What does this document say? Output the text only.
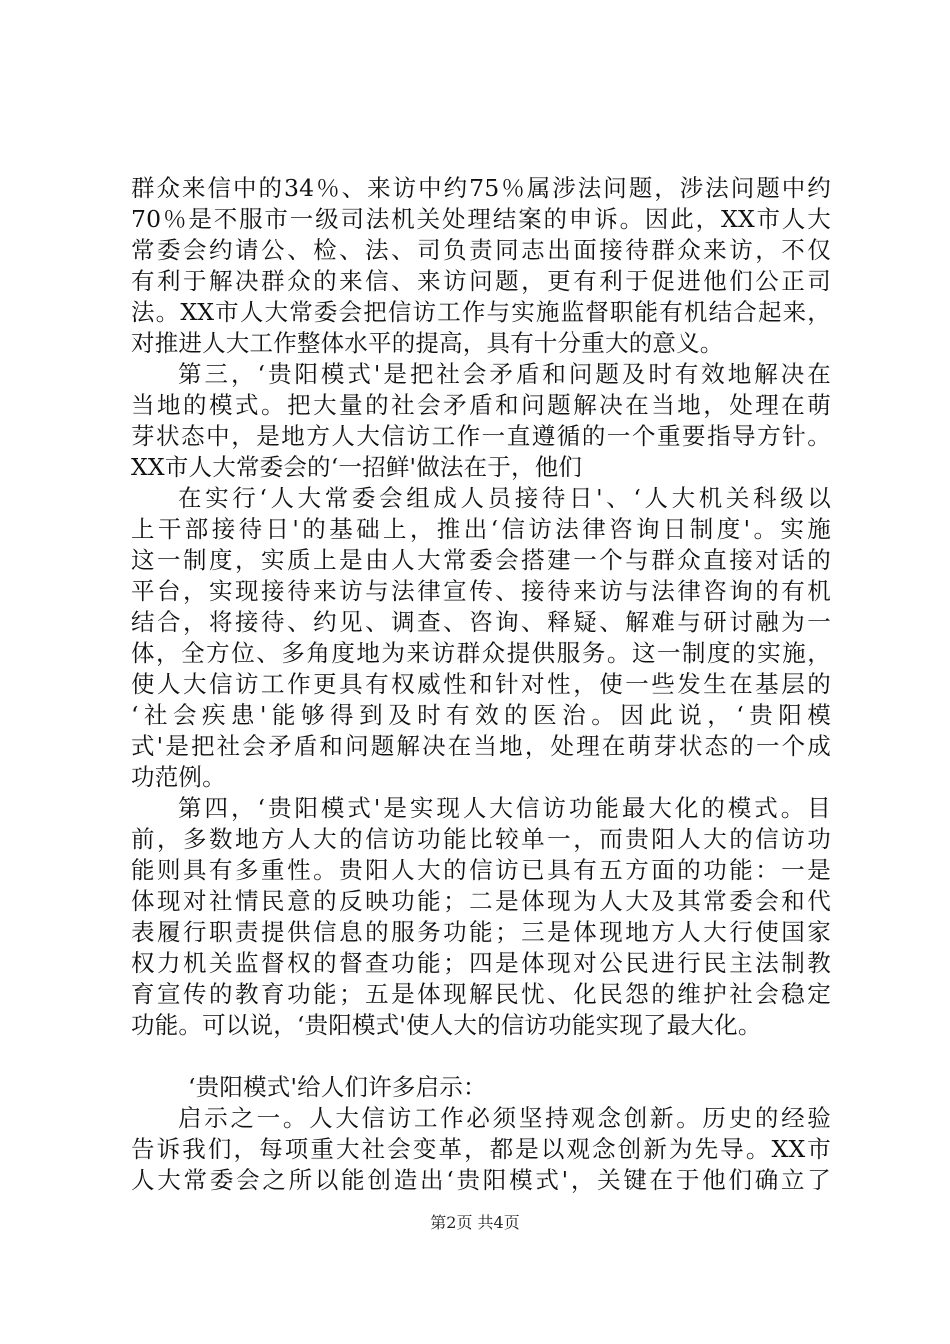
群众来信中的34％、来访中约75％属涉法问题，涉法问题中约
70％是不服市一级司法机关处理结案的申诉。因此，XX市人大
常委会约请公、检、法、司负责同志出面接待群众来访，不仅
有利于解决群众的来信、来访问题，更有利于促进他们公正司
法。XX市人大常委会把信访工作与实施监督职能有机结合起来，
对推进人大工作整体水平的提高，具有十分重大的意义。
第三，‘贵阳模式'是把社会矛盾和问题及时有效地解决在
当地的模式。把大量的社会矛盾和问题解决在当地，处理在萌
芽状态中，是地方人大信访工作一直遵循的一个重要指导方针。
XX市人大常委会的‘一招鲜'做法在于，他们
在实行‘人大常委会组成人员接待日'、‘人大机关科级以
上干部接待日'的基础上，推出‘信访法律咨询日制度'。实施
这一制度，实质上是由人大常委会搭建一个与群众直接对话的
平台，实现接待来访与法律宣传、接待来访与法律咨询的有机
结合，将接待、约见、调查、咨询、释疑、解难与研讨融为一
体，全方位、多角度地为来访群众提供服务。这一制度的实施，
使人大信访工作更具有权威性和针对性，使一些发生在基层的
‘社会疾患'能够得到及时有效的医治。因此说，‘贵阳模
式'是把社会矛盾和问题解决在当地，处理在萌芽状态的一个成
功范例。
第四，‘贵阳模式'是实现人大信访功能最大化的模式。目
前，多数地方人大的信访功能比较单一，而贵阳人大的信访功
能则具有多重性。贵阳人大的信访已具有五方面的功能：一是
体现对社情民意的反映功能；二是体现为人大及其常委会和代
表履行职责提供信息的服务功能；三是体现地方人大行使国家
权力机关监督权的督查功能；四是体现对公民进行民主法制教
育宣传的教育功能；五是体现解民忧、化民怨的维护社会稳定
功能。可以说，‘贵阳模式'使人大的信访功能实现了最大化。
‘贵阳模式'给人们许多启示：
启示之一。人大信访工作必须坚持观念创新。历史的经验
告诉我们，每项重大社会变革，都是以观念创新为先导。XX市
人大常委会之所以能创造出‘贵阳模式'，关键在于他们确立了
第2页 共4页
